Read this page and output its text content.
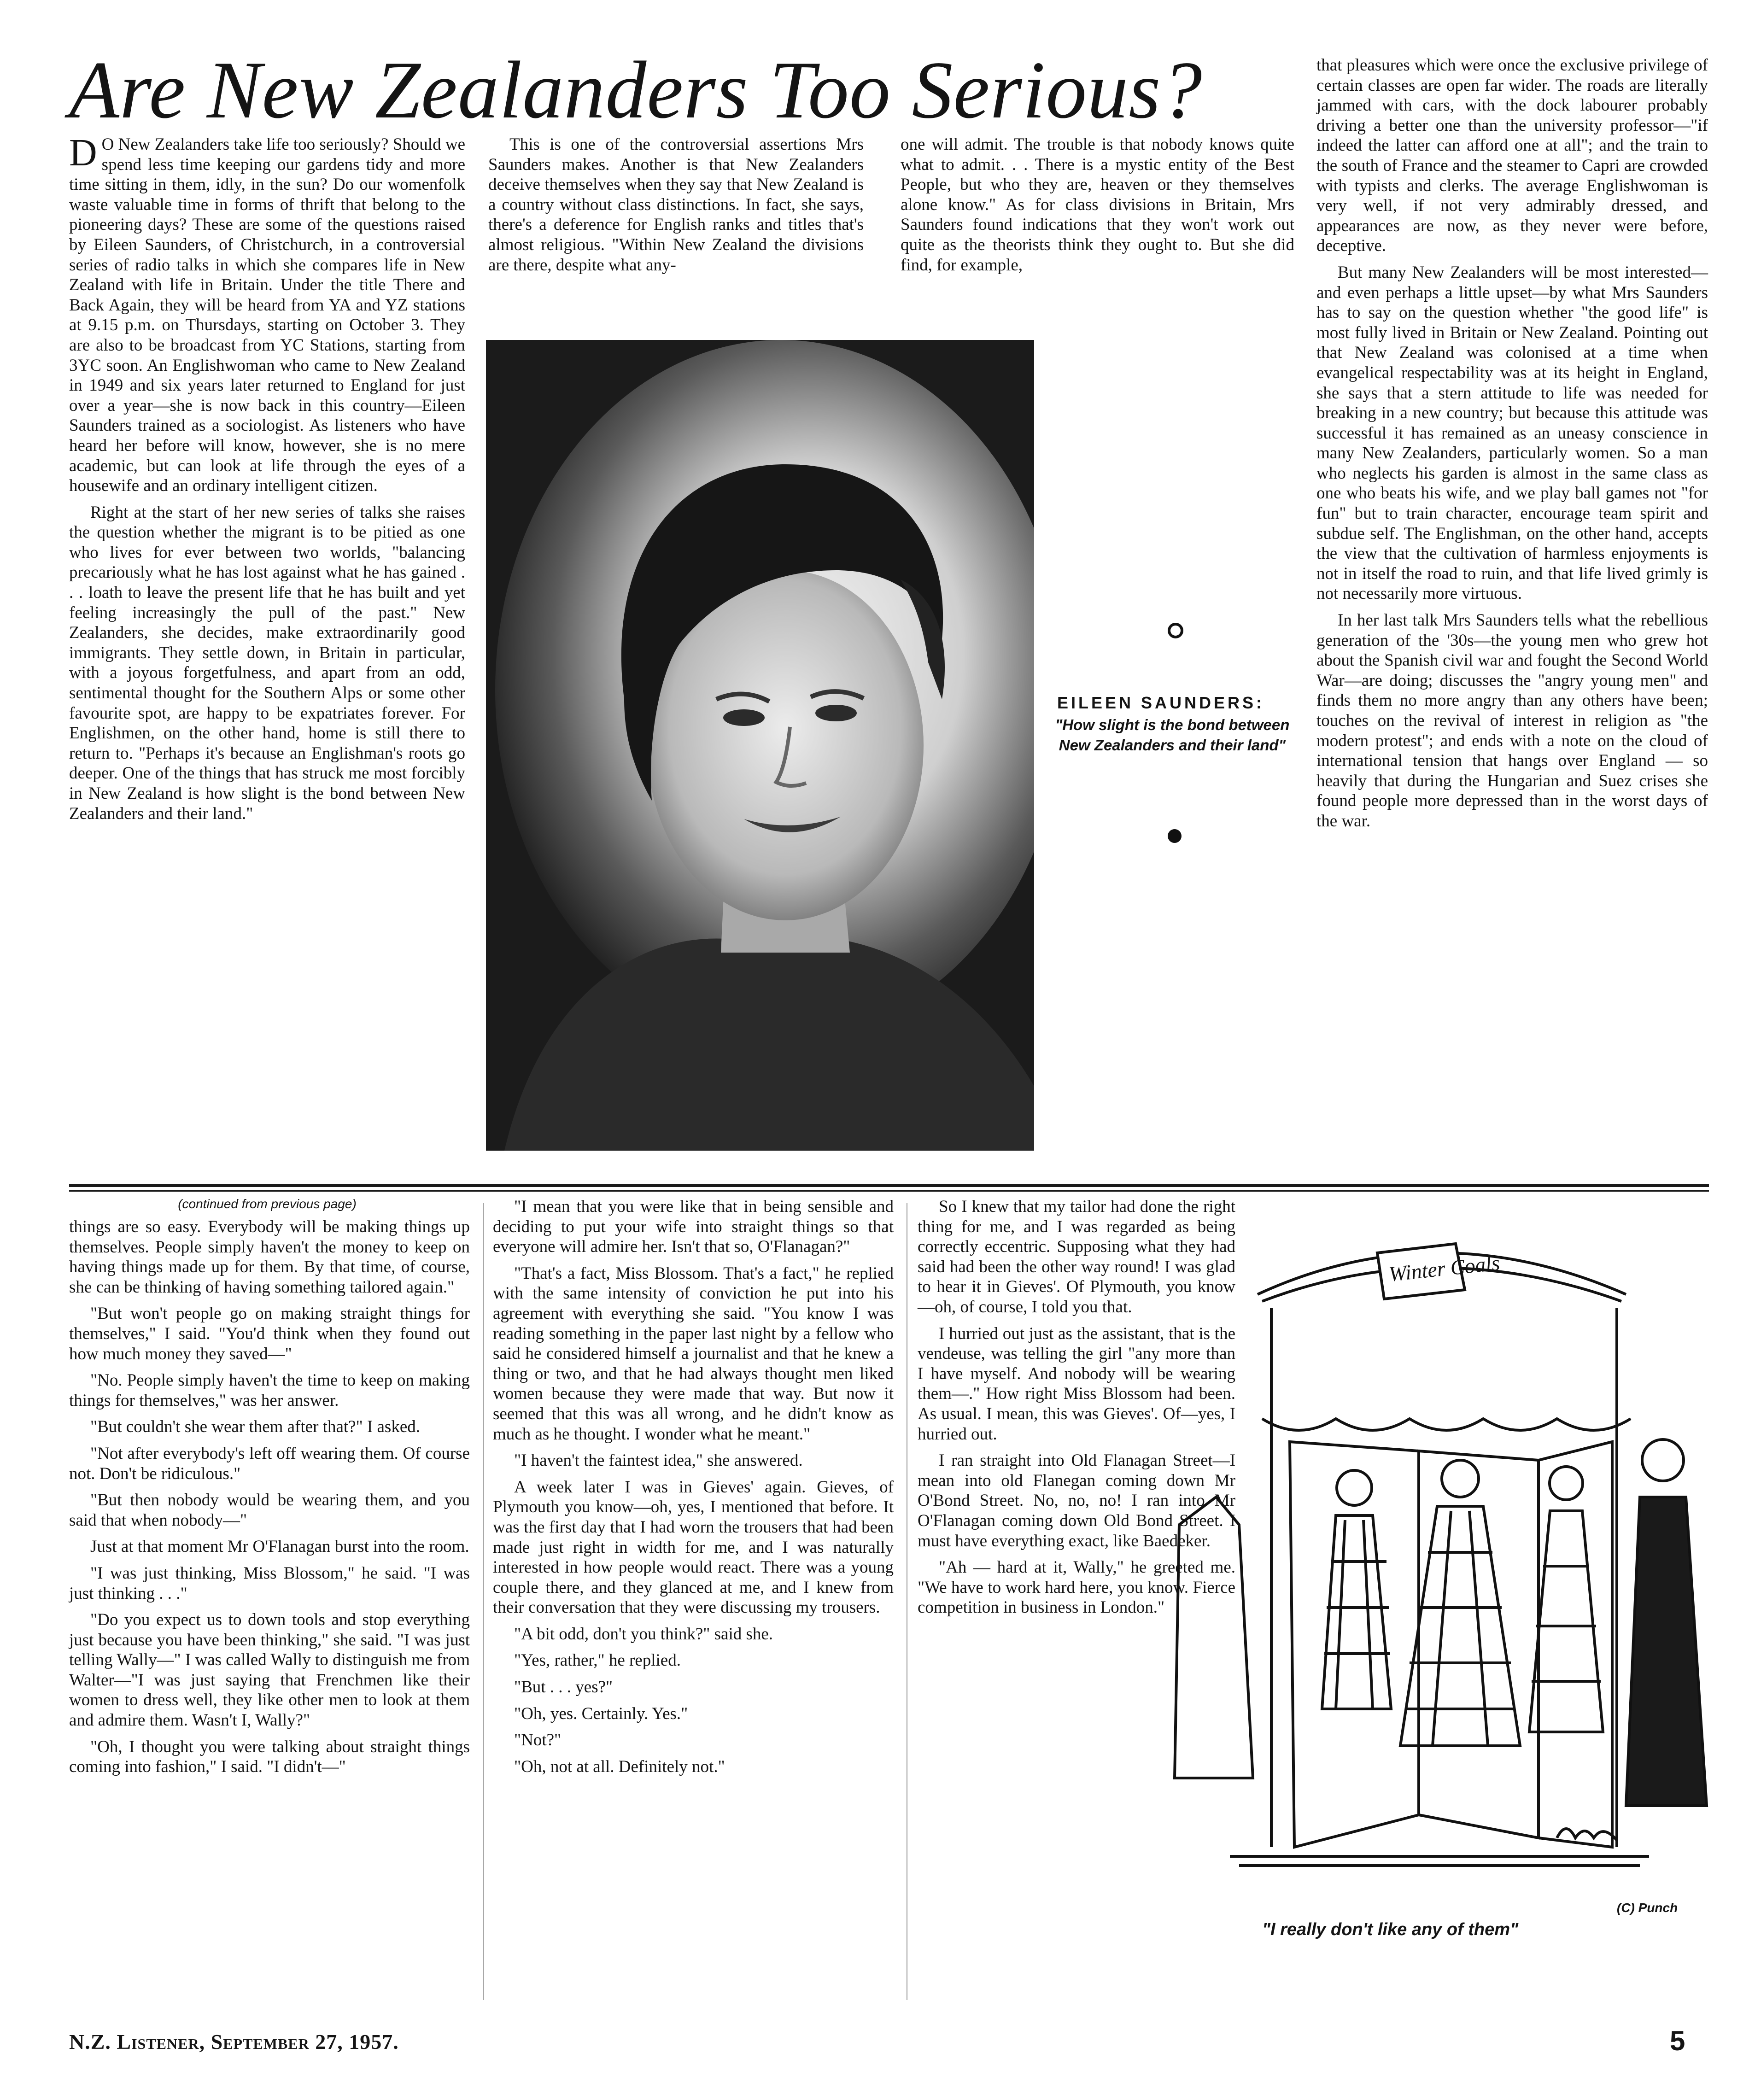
Are New Zealanders Too Serious?

D O New Zealanders take life too seriously? Should we spend less time keeping our gardens tidy and more time sitting in them, idly, in the sun? Do our womenfolk waste valuable time in forms of thrift that belong to the pioneering days? These are some of the questions raised by Eileen Saunders, of Christchurch, in a controversial series of radio talks in which she compares life in New Zealand with life in Britain. Under the title There and Back Again, they will be heard from YA and YZ stations at 9.15 p.m. on Thursdays, starting on October 3. They are also to be broadcast from YC Stations, starting from 3YC soon. An Englishwoman who came to New Zealand in 1949 and six years later returned to England for just over a year—she is now back in this country—Eileen Saunders trained as a sociologist. As listeners who have heard her before will know, however, she is no mere academic, but can look at life through the eyes of a housewife and an ordinary intelligent citizen.

Right at the start of her new series of talks she raises the question whether the migrant is to be pitied as one who lives for ever between two worlds, "balancing precariously what he has lost against what he has gained . . . loath to leave the present life that he has built and yet feeling increasingly the pull of the past." New Zealanders, she decides, make extraordinarily good immigrants. They settle down, in Britain in particular, with a joyous forgetfulness, and apart from an odd, sentimental thought for the Southern Alps or some other favourite spot, are happy to be expatriates forever. For Englishmen, on the other hand, home is still there to return to. "Perhaps it's because an Englishman's roots go deeper. One of the things that has struck me most forcibly in New Zealand is how slight is the bond between New Zealanders and their land."

This is one of the controversial assertions Mrs Saunders makes. Another is that New Zealanders deceive themselves when they say that New Zealand is a country without class distinctions. In fact, she says, there's a deference for English ranks and titles that's almost religious. "Within New Zealand the divisions are there, despite what any-

one will admit. The trouble is that nobody knows quite what to admit. . . There is a mystic entity of the Best People, but who they are, heaven or they themselves alone know." As for class divisions in Britain, Mrs Saunders found indications that they won't work out quite as the theorists think they ought to. But she did find, for example,

that pleasures which were once the exclusive privilege of certain classes are open far wider. The roads are literally jammed with cars, with the dock labourer probably driving a better one than the university professor—"if indeed the latter can afford one at all"; and the train to the south of France and the steamer to Capri are crowded with typists and clerks. The average Englishwoman is very well, if not very admirably dressed, and appearances are now, as they never were before, deceptive.

But many New Zealanders will be most interested—and even perhaps a little upset—by what Mrs Saunders has to say on the question whether "the good life" is most fully lived in Britain or New Zealand. Pointing out that New Zealand was colonised at a time when evangelical respectability was at its height in England, she says that a stern attitude to life was needed for breaking in a new country; but because this attitude was successful it has remained as an uneasy conscience in many New Zealanders, particularly women. So a man who neglects his garden is almost in the same class as one who beats his wife, and we play ball games not "for fun" but to train character, encourage team spirit and subdue self. The Englishman, on the other hand, accepts the view that the cultivation of harmless enjoyments is not in itself the road to ruin, and that life lived grimly is not necessarily more virtuous.

In her last talk Mrs Saunders tells what the rebellious generation of the '30s—the young men who grew hot about the Spanish civil war and fought the Second World War—are doing; discusses the "angry young men" and finds them no more angry than any others have been; touches on the revival of interest in religion as "the modern protest"; and ends with a note on the cloud of international tension that hangs over England — so heavily that during the Hungarian and Suez crises she found people more depressed than in the worst days of the war.

EILEEN SAUNDERS:
"How slight is the bond between New Zealanders and their land"
(continued from previous page)

things are so easy. Everybody will be making things up themselves. People simply haven't the money to keep on having things made up for them. By that time, of course, she can be thinking of having something tailored again."

"But won't people go on making straight things for themselves," I said. "You'd think when they found out how much money they saved—"

"No. People simply haven't the time to keep on making things for themselves," was her answer.

"But couldn't she wear them after that?" I asked.

"Not after everybody's left off wearing them. Of course not. Don't be ridiculous."

"But then nobody would be wearing them, and you said that when nobody—"

Just at that moment Mr O'Flanagan burst into the room.

"I was just thinking, Miss Blossom," he said. "I was just thinking . . ."

"Do you expect us to down tools and stop everything just because you have been thinking," she said. "I was just telling Wally—" I was called Wally to distinguish me from Walter—"I was just saying that Frenchmen like their women to dress well, they like other men to look at them and admire them. Wasn't I, Wally?"

"Oh, I thought you were talking about straight things coming into fashion," I said. "I didn't—"

"I mean that you were like that in being sensible and deciding to put your wife into straight things so that everyone will admire her. Isn't that so, O'Flanagan?"

"That's a fact, Miss Blossom. That's a fact," he replied with the same intensity of conviction he put into his agreement with everything she said. "You know I was reading something in the paper last night by a fellow who said he considered himself a journalist and that he knew a thing or two, and that he had always thought men liked women because they were made that way. But now it seemed that this was all wrong, and he didn't know as much as he thought. I wonder what he meant."

"I haven't the faintest idea," she answered.

A week later I was in Gieves' again. Gieves, of Plymouth you know—oh, yes, I mentioned that before. It was the first day that I had worn the trousers that had been made just right in width for me, and I was naturally interested in how people would react. There was a young couple there, and they glanced at me, and I knew from their conversation that they were discussing my trousers.

"A bit odd, don't you think?" said she.

"Yes, rather," he replied.

"But . . . yes?"

"Oh, yes. Certainly. Yes."

"Not?"

"Oh, not at all. Definitely not."

So I knew that my tailor had done the right thing for me, and I was regarded as being correctly eccentric. Supposing what they had said had been the other way round! I was glad to hear it in Gieves'. Of Plymouth, you know—oh, of course, I told you that.

I hurried out just as the assistant, that is the vendeuse, was telling the girl "any more than I have myself. And nobody will be wearing them—." How right Miss Blossom had been. As usual. I mean, this was Gieves'. Of—yes, I hurried out.

I ran straight into Old Flanagan Street—I mean into old Flanegan coming down Mr O'Bond Street. No, no, no! I ran into Mr O'Flanagan coming down Old Bond Street. I must have everything exact, like Baedeker.

"Ah — hard at it, Wally," he greeted me. "We have to work hard here, you know. Fierce competition in business in London."

Winter Coals
(C) Punch
"I really don't like any of them"
N.Z. Listener, September 27, 1957.	5
